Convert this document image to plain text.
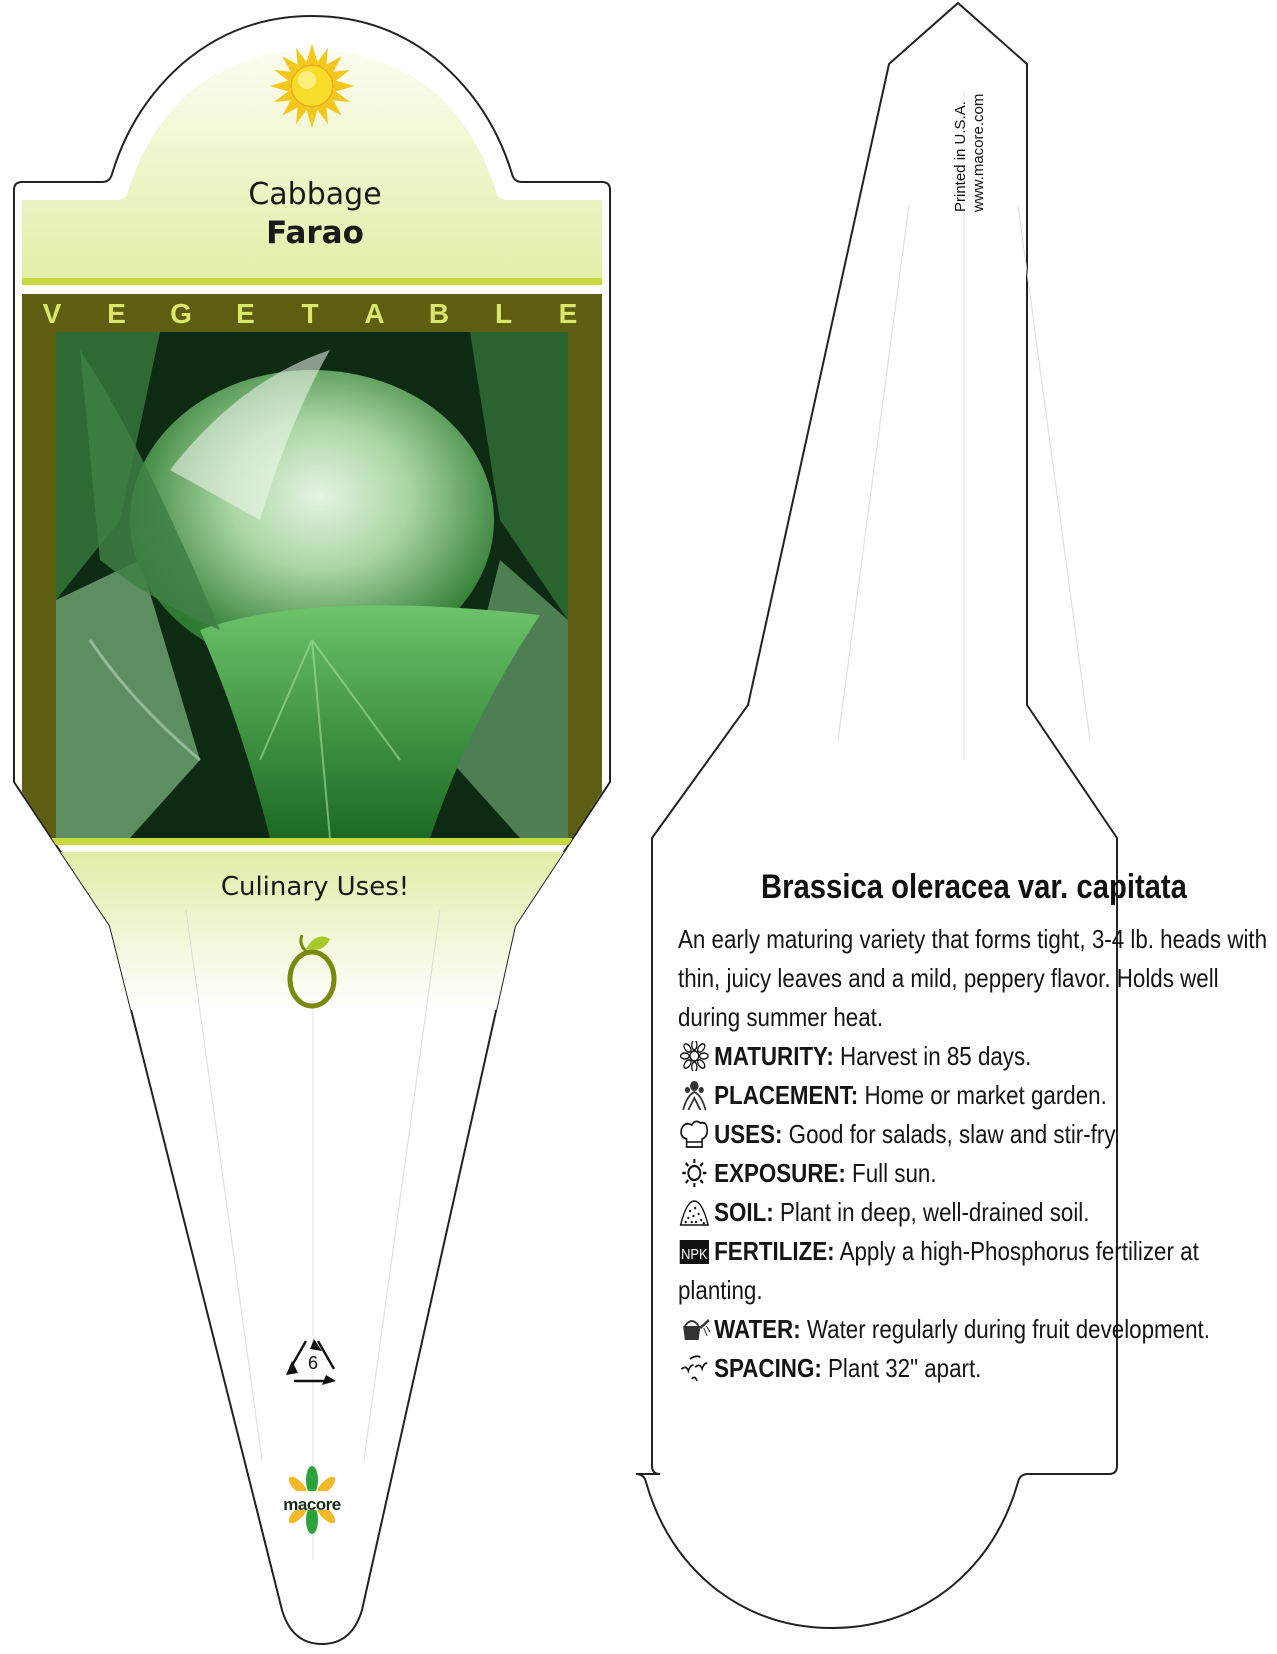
Cabbage
Farao
V E G E T A B L E
Culinary Uses!
6
macore
Printed in U.S.A. www.macore.com
Brassica oleracea var. capitata
An early maturing variety that forms tight, 3-4 lb. heads with thin, juicy leaves and a mild, peppery flavor. Holds well during summer heat.
MATURITY: Harvest in 85 days.
PLACEMENT: Home or market garden.
USES: Good for salads, slaw and stir-fry.
EXPOSURE: Full sun.
SOIL: Plant in deep, well-drained soil.
NPK FERTILIZE: Apply a high-Phosphorus fertilizer at planting.
WATER: Water regularly during fruit development.
SPACING: Plant 32" apart.
